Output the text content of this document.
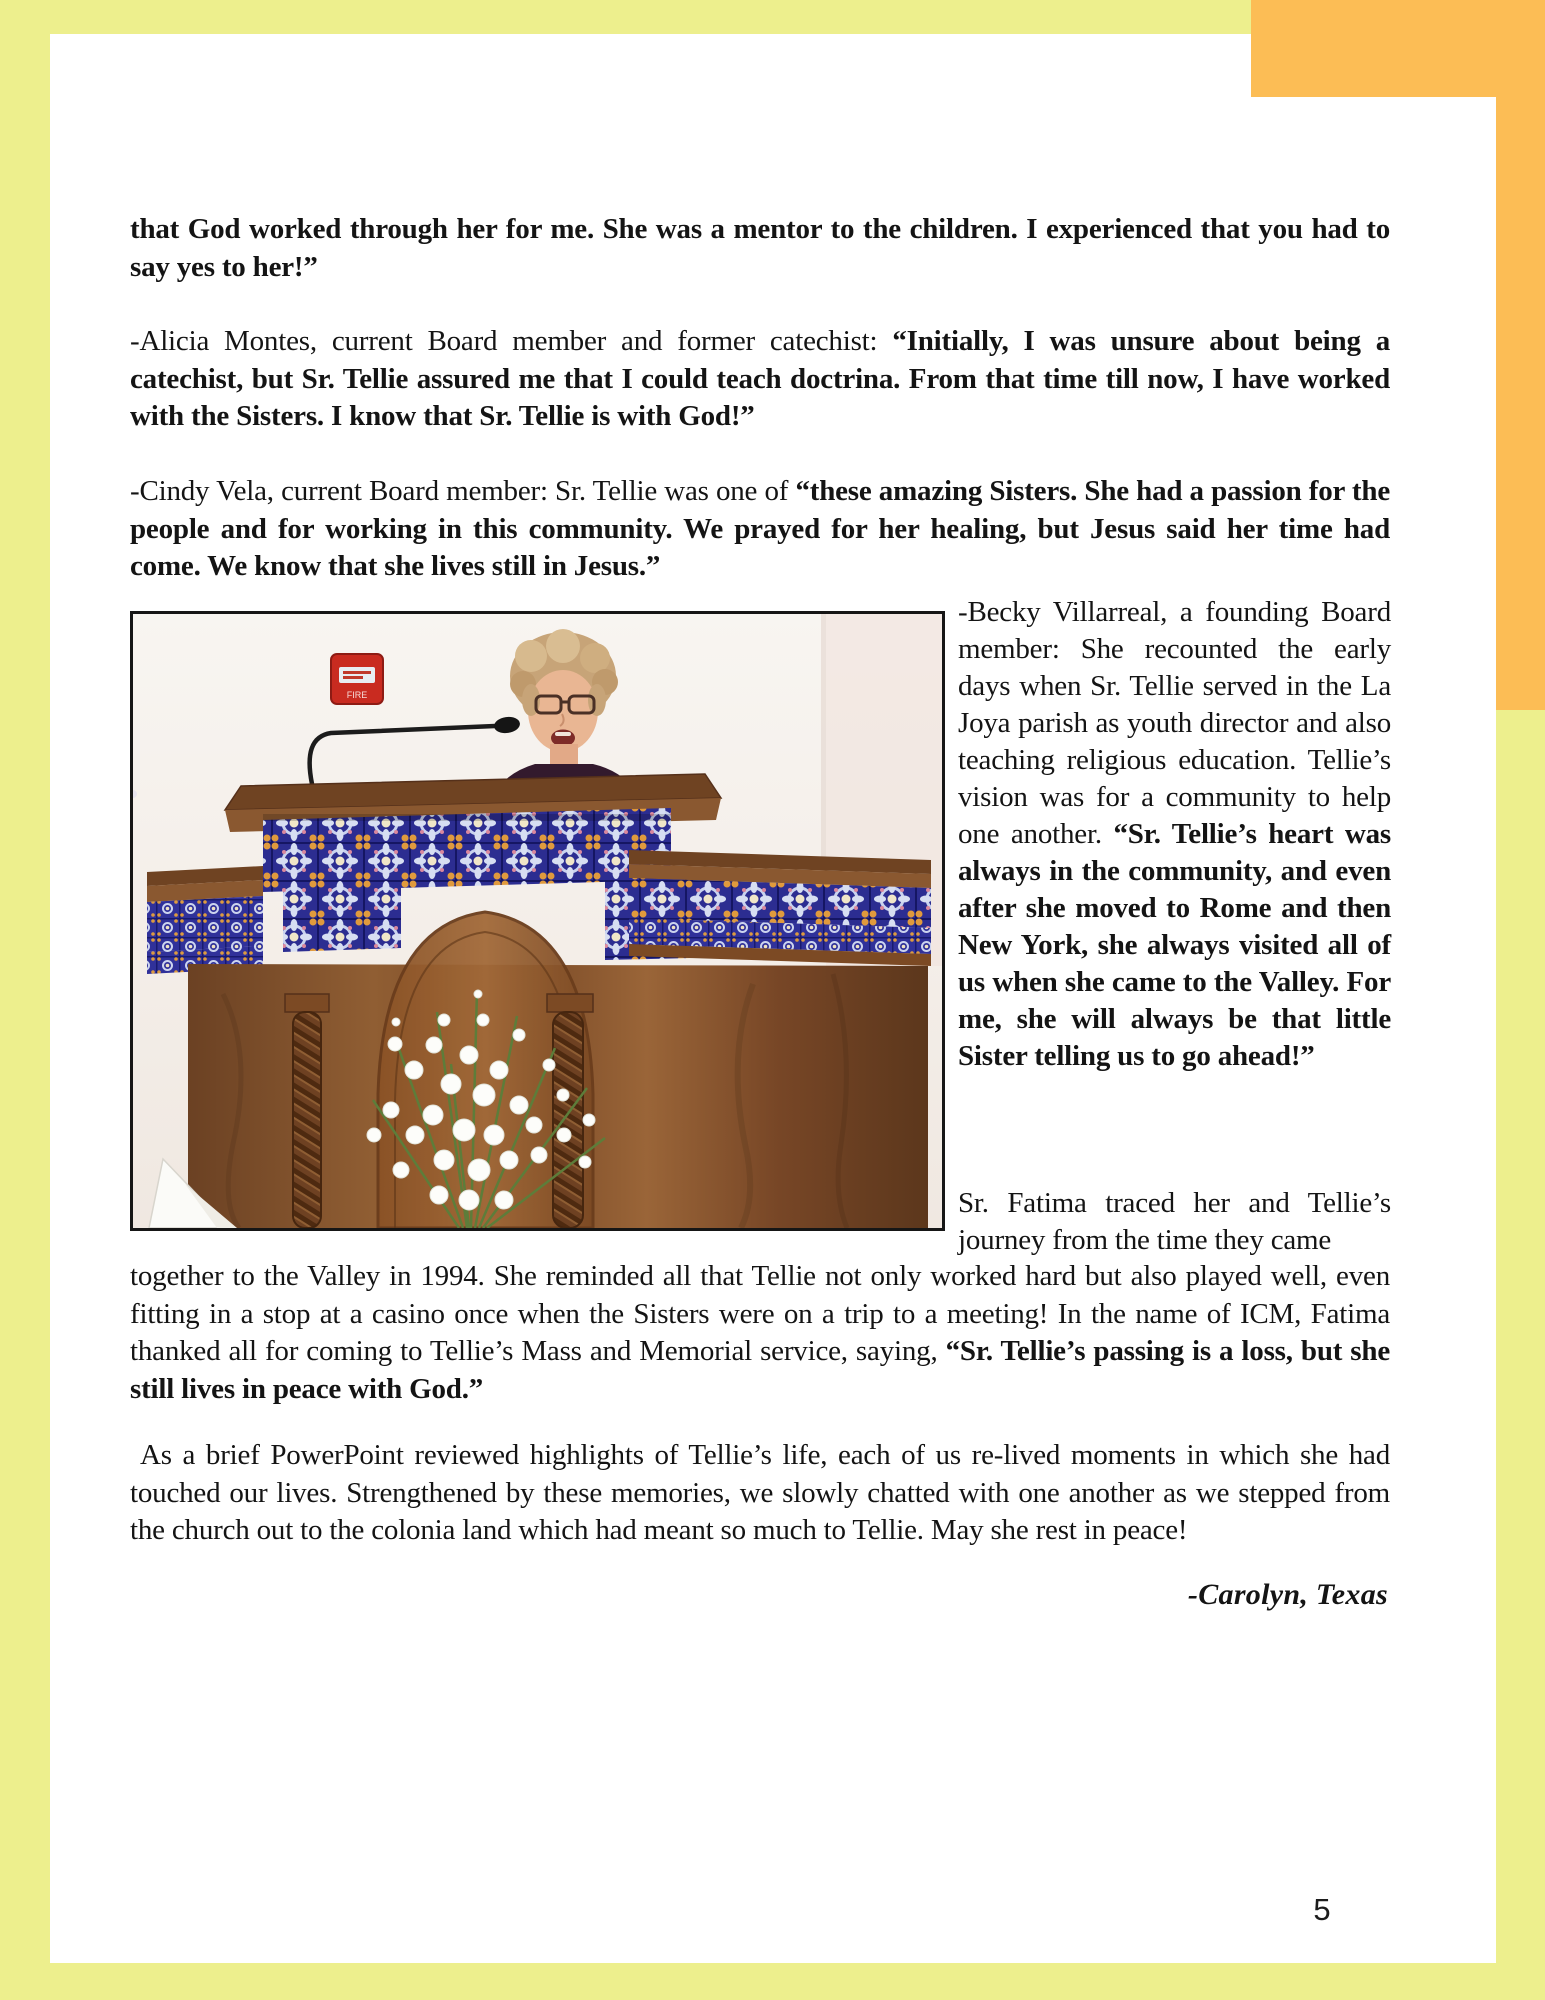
that God worked through her for me. She was a mentor to the children. I experienced that you had to say yes to her!”
-Alicia Montes, current Board member and former catechist: “Initially, I was unsure about being a catechist, but Sr. Tellie assured me that I could teach doctrina. From that time till now, I have worked with the Sisters. I know that Sr. Tellie is with God!”
-Cindy Vela, current Board member: Sr. Tellie was one of “these amazing Sisters. She had a passion for the people and for working in this community. We prayed for her healing, but Jesus said her time had come. We know that she lives still in Jesus.”
FIRE
-Becky Villarreal, a founding Board member: She recounted the early days when Sr. Tellie served in the La Joya parish as youth director and also teaching religious education. Tellie’s vision was for a community to help one another. “Sr. Tellie’s heart was always in the community, and even after she moved to Rome and then New York, she always visited all of us when she came to the Valley. For me, she will always be that little Sister telling us to go ahead!”
Sr. Fatima traced her and Tellie’s journey from the time they came
together to the Valley in 1994. She reminded all that Tellie not only worked hard but also played well, even fitting in a stop at a casino once when the Sisters were on a trip to a meeting! In the name of ICM, Fatima thanked all for coming to Tellie’s Mass and Memorial service, saying, “Sr. Tellie’s passing is a loss, but she still lives in peace with God.”
As a brief PowerPoint reviewed highlights of Tellie’s life, each of us re-lived moments in which she had touched our lives. Strengthened by these memories, we slowly chatted with one another as we stepped from the church out to the colonia land which had meant so much to Tellie. May she rest in peace!
-Carolyn, Texas
5
